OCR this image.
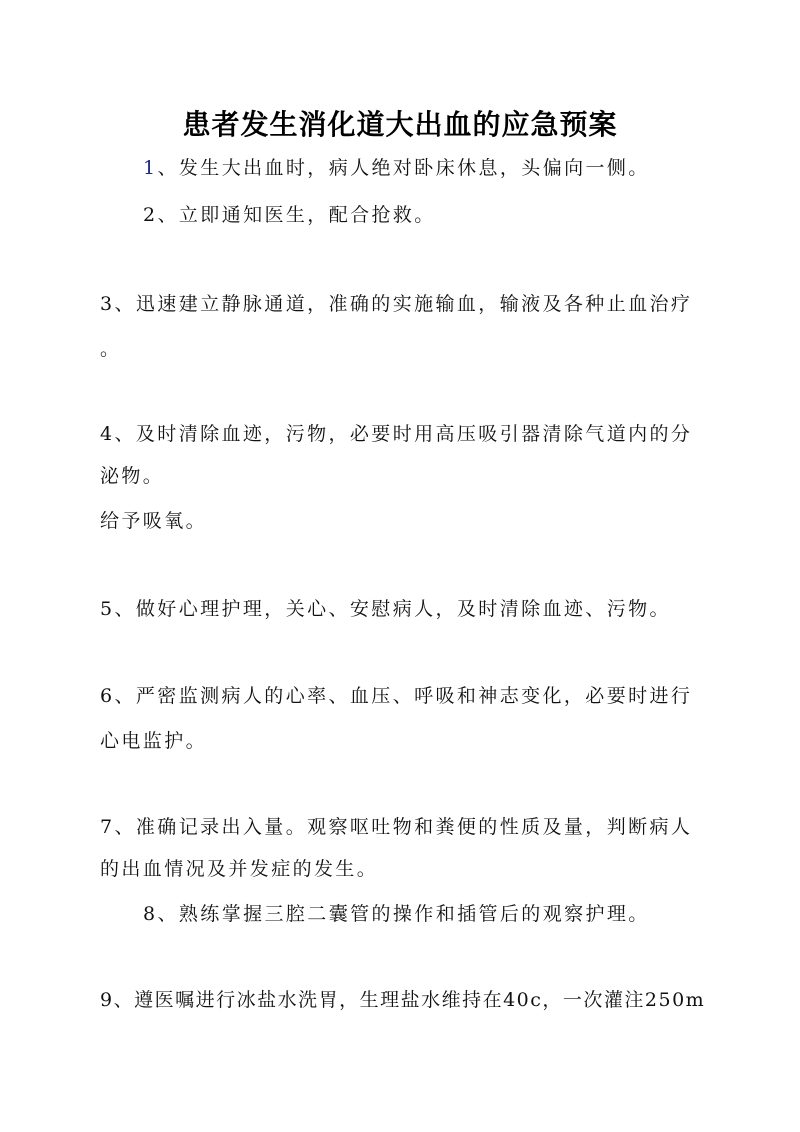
患者发生消化道大出血的应急预案

1、发生大出血时，病人绝对卧床休息，头偏向一侧。

2、立即通知医生，配合抢救。

3、迅速建立静脉通道，准确的实施输血，输液及各种止血治疗

。

4、及时清除血迹，污物，必要时用高压吸引器清除气道内的分

泌物。

给予吸氧。

5、做好心理护理，关心、安慰病人，及时清除血迹、污物。

6、严密监测病人的心率、血压、呼吸和神志变化，必要时进行

心电监护。

7、准确记录出入量。观察呕吐物和粪便的性质及量，判断病人

的出血情况及并发症的发生。

8、熟练掌握三腔二囊管的操作和插管后的观察护理。

9、遵医嘱进行冰盐水洗胃，生理盐水维持在40c，一次灌注250m
